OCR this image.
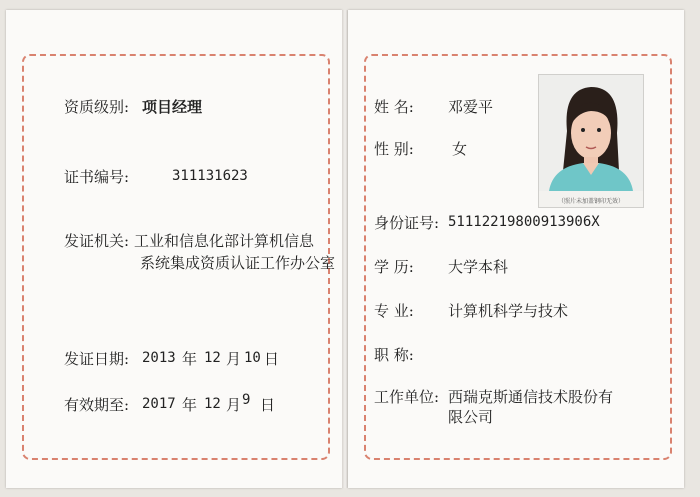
资质级别: 项目经理
证书编号:	311131623
发证机关: 工业和信息化部计算机信息
系统集成资质认证工作办公室
发证日期: 2013 年 12 月 10 日
有效期至: 2017 年 12 月 9 日
姓 名: 邓爱平
性 别:	女
（照片未加盖钢印无效）
身份证号: 51112219800913906X
学 历: 大学本科
专 业: 计算机科学与技术
职 称:
工作单位: 西瑞克斯通信技术股份有
限公司
